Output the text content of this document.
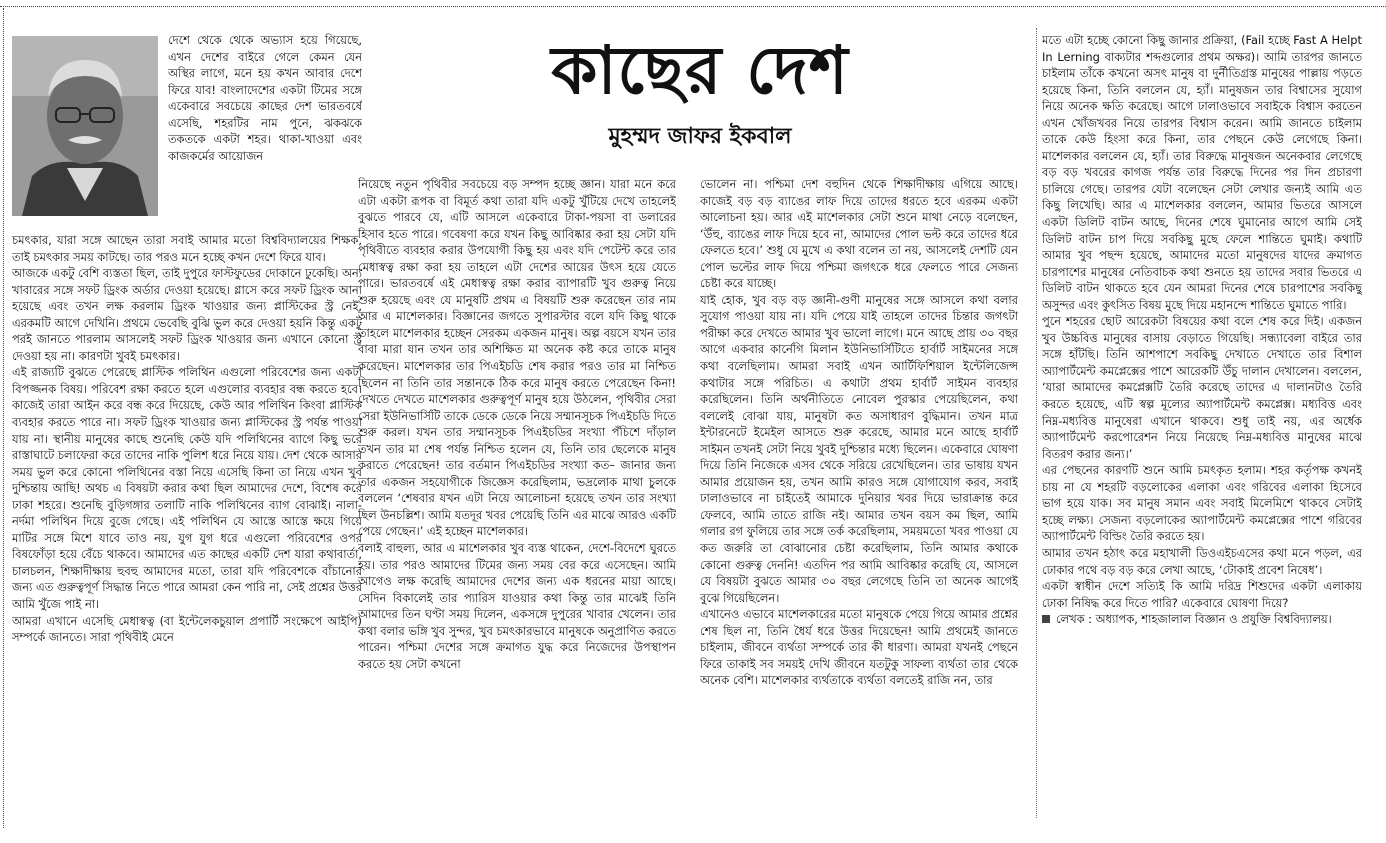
দেশে থেকে থেকে অভ্যাস হয়ে গিয়েছে, এখন দেশের বাইরে গেলে কেমন যেন অস্থির লাগে, মনে হয় কখন আবার দেশে ফিরে যাব! বাংলাদেশের একটা টিমের সঙ্গে একেবারে সবচেয়ে কাছের দেশ ভারতবর্ষে এসেছি, শহরটির নাম পুনে, ঝকঝকে তকতকে একটা শহর। থাকা-খাওয়া এবং কাজকর্মের আয়োজন

চমৎকার, যারা সঙ্গে আছেন তারা সবাই আমার মতো বিশ্ববিদ্যালয়ের শিক্ষক, তাই চমৎকার সময় কাটছে। তার পরও মনে হচ্ছে কখন দেশে ফিরে যাব।

আজকে একটু বেশি ব্যস্ততা ছিল, তাই দুপুরে ফাস্টফুডের দোকানে ঢুকেছি। অন্য খাবারের সঙ্গে সফট ড্রিংক অর্ডার দেওয়া হয়েছে। গ্লাসে করে সফট ড্রিংক আনা হয়েছে এবং তখন লক্ষ করলাম ড্রিংক খাওয়ার জন্য প্লাস্টিকের স্ট্র নেই, এরকমটি আগে দেখিনি। প্রথমে ভেবেছি বুঝি ভুল করে দেওয়া হয়নি কিন্তু একটু পরই জানতে পারলাম আসলেই সফট ড্রিংক খাওয়ার জন্য এখানে কোনো স্ট্র দেওয়া হয় না। কারণটা খুবই চমৎকার।

এই রাজ্যটি বুঝতে পেরেছে প্লাস্টিক পলিথিন এগুলো পরিবেশের জন্য একটা বিপজ্জনক বিষয়। পরিবেশ রক্ষা করতে হলে এগুলোর ব্যবহার বন্ধ করতে হবে। কাজেই তারা আইন করে বন্ধ করে দিয়েছে, কেউ আর পলিথিন কিংবা প্লাস্টিক ব্যবহার করতে পারে না। সফট ড্রিংক খাওয়ার জন্য প্লাস্টিকের স্ট্র পর্যন্ত পাওয়া যায় না। স্থানীয় মানুষের কাছে শুনেছি কেউ যদি পলিথিনের ব্যাগে কিছু ভরে রাস্তাঘাটে চলাফেরা করে তাদের নাকি পুলিশ ধরে নিয়ে যায়। দেশ থেকে আসার সময় ভুল করে কোনো পলিথিনের বস্তা নিয়ে এসেছি কিনা তা নিয়ে এখন খুব দুশ্চিন্তায় আছি! অথচ এ বিষয়টা করার কথা ছিল আমাদের দেশে, বিশেষ করে ঢাকা শহরে। শুনেছি বুড়িগঙ্গার তলাটি নাকি পলিথিনের ব্যাগ বোঝাই। নালা-নর্দমা পলিথিন দিয়ে বুজে গেছে। এই পলিথিন যে আস্তে আস্তে ক্ষয়ে গিয়ে মাটির সঙ্গে মিশে যাবে তাও নয়, যুগ যুগ ধরে এগুলো পরিবেশের ওপর বিষফোঁড়া হয়ে বেঁচে থাকবে। আমাদের এত কাছের একটি দেশ যারা কথাবার্তা, চালচলন, শিক্ষাদীক্ষায় হুবহু আমাদের মতো, তারা যদি পরিবেশকে বাঁচানোর জন্য এত গুরুত্বপূর্ণ সিদ্ধান্ত নিতে পারে আমরা কেন পারি না, সেই প্রশ্নের উত্তর আমি খুঁজে পাই না।

আমরা এখানে এসেছি মেধাস্বত্ব (বা ইন্টেলেকচুয়াল প্রপার্টি সংক্ষেপে আইপি) সম্পর্কে জানতে। সারা পৃথিবীই মেনে

কাছের দেশ
মুহম্মদ জাফর ইকবাল

নিয়েছে নতুন পৃথিবীর সবচেয়ে বড় সম্পদ হচ্ছে জ্ঞান। যারা মনে করে এটা একটা রূপক বা বিমূর্ত কথা তারা যদি একটু খুঁটিয়ে দেখে তাহলেই বুঝতে পারবে যে, এটি আসলে একেবারে টাকা-পয়সা বা ডলারের হিসাব হতে পারে। গবেষণা করে যখন কিছু আবিষ্কার করা হয় সেটা যদি পৃথিবীতে ব্যবহার করার উপযোগী কিছু হয় এবং যদি পেটেন্ট করে তার মেধাস্বত্ব রক্ষা করা হয় তাহলে এটা দেশের আয়ের উৎস হয়ে যেতে পারে। ভারতবর্ষে এই মেধাস্বত্ব রক্ষা করার ব্যাপারটি খুব গুরুত্ব নিয়ে শুরু হয়েছে এবং যে মানুষটি প্রথম এ বিষয়টি শুরু করেছেন তার নাম আর এ মাশেলকার। বিজ্ঞানের জগতে সুপারস্টার বলে যদি কিছু থাকে তাহলে মাশেলকার হচ্ছেন সেরকম একজন মানুষ। অল্প বয়সে যখন তার বাবা মারা যান তখন তার অশিক্ষিত মা অনেক কষ্ট করে তাকে মানুষ করেছেন। মাশেলকার তার পিএইচডি শেষ করার পরও তার মা নিশ্চিত ছিলেন না তিনি তার সন্তানকে ঠিক করে মানুষ করতে পেরেছেন কিনা! দেখতে দেখতে মাশেলকার গুরুত্বপূর্ণ মানুষ হয়ে উঠলেন, পৃথিবীর সেরা সেরা ইউনিভার্সিটি তাকে ডেকে ডেকে নিয়ে সম্মানসূচক পিএইচডি দিতে শুরু করল। যখন তার সম্মানসূচক পিএইচডির সংখ্যা পঁচিশে দাঁড়াল তখন তার মা শেষ পর্যন্ত নিশ্চিত হলেন যে, তিনি তার ছেলেকে মানুষ করাতে পেরেছেন! তার বর্তমান পিএইচডির সংখ্যা কত– জানার জন্য তার একজন সহযোগীকে জিজ্ঞেস করেছিলাম, ভদ্রলোক মাথা চুলকে বললেন ‘শেষবার যখন এটা নিয়ে আলোচনা হয়েছে তখন তার সংখ্যা ছিল উনচল্লিশ। আমি যতদূর খবর পেয়েছি তিনি এর মাঝে আরও একটি পেয়ে গেছেন।’ এই হচ্ছেন মাশেলকার।

বলাই বাহুল্য, আর এ মাশেলকার খুব ব্যস্ত থাকেন, দেশে-বিদেশে ঘুরতে হয়। তার পরও আমাদের টিমের জন্য সময় বের করে এসেছেন। আমি আগেও লক্ষ করেছি আমাদের দেশের জন্য এক ধরনের মায়া আছে। সেদিন বিকালেই তার প্যারিস যাওয়ার কথা কিন্তু তার মাঝেই তিনি আমাদের তিন ঘণ্টা সময় দিলেন, একসঙ্গে দুপুরের খাবার খেলেন। তার কথা বলার ভঙ্গি খুব সুন্দর, খুব চমৎকারভাবে মানুষকে অনুপ্রাণিত করতে পারেন। পশ্চিমা দেশের সঙ্গে ক্রমাগত যুদ্ধ করে নিজেদের উপস্থাপন করতে হয় সেটা কখনো

ভোলেন না। পশ্চিমা দেশ বহুদিন থেকে শিক্ষাদীক্ষায় এগিয়ে আছে। কাজেই বড় বড় ব্যাঙের লাফ দিয়ে তাদের ধরতে হবে এরকম একটা আলোচনা হয়। আর এই মাশেলকার সেটা শুনে মাথা নেড়ে বলেছেন, ‘উঁহু, ব্যাঙের লাফ দিয়ে হবে না, আমাদের পোল ভল্ট করে তাদের ধরে ফেলতে হবে।’ শুধু যে মুখে এ কথা বলেন তা নয়, আসলেই দেশটি যেন পোল ভল্টের লাফ দিয়ে পশ্চিমা জগৎকে ধরে ফেলতে পারে সেজন্য চেষ্টা করে যাচ্ছে।

যাই হোক, খুব বড় বড় জ্ঞানী-গুণী মানুষের সঙ্গে আসলে কথা বলার সুযোগ পাওয়া যায় না। যদি পেয়ে যাই তাহলে তাদের চিন্তার জগৎটা পরীক্ষা করে দেখতে আমার খুব ভালো লাগে। মনে আছে প্রায় ৩০ বছর আগে একবার কার্নেগি মিলান ইউনিভার্সিটিতে হার্বার্ট সাইমনের সঙ্গে কথা বলেছিলাম। আমরা সবাই এখন আর্টিফিশিয়াল ইন্টেলিজেন্স কথাটার সঙ্গে পরিচিত। এ কথাটা প্রথম হার্বার্ট সাইমন ব্যবহার করেছিলেন। তিনি অর্থনীতিতে নোবেল পুরস্কার পেয়েছিলেন, কথা বললেই বোঝা যায়, মানুষটা কত অসাধারণ বুদ্ধিমান। তখন মাত্র ইন্টারনেটে ইমেইল আসতে শুরু করেছে, আমার মনে আছে হার্বার্ট সাইমন তখনই সেটা নিয়ে খুবই দুশ্চিন্তার মধ্যে ছিলেন। একেবারে ঘোষণা দিয়ে তিনি নিজেকে এসব থেকে সরিয়ে রেখেছিলেন। তার ভাষায় যখন আমার প্রয়োজন হয়, তখন আমি কারও সঙ্গে যোগাযোগ করব, সবাই ঢালাওভাবে না চাইতেই আমাকে দুনিয়ার খবর দিয়ে ভারাক্রান্ত করে ফেলবে, আমি তাতে রাজি নই। আমার তখন বয়স কম ছিল, আমি গলার রগ ফুলিয়ে তার সঙ্গে তর্ক করেছিলাম, সময়মতো খবর পাওয়া যে কত জরুরি তা বোঝানোর চেষ্টা করেছিলাম, তিনি আমার কথাকে কোনো গুরুত্ব দেননি! এতদিন পর আমি আবিষ্কার করেছি যে, আসলে যে বিষয়টা বুঝতে আমার ৩০ বছর লেগেছে তিনি তা অনেক আগেই বুঝে গিয়েছিলেন।

এখানেও এভাবে মাশেলকারের মতো মানুষকে পেয়ে গিয়ে আমার প্রশ্নের শেষ ছিল না, তিনি ধৈর্য ধরে উত্তর দিয়েছেন! আমি প্রথমেই জানতে চাইলাম, জীবনে ব্যর্থতা সম্পর্কে তার কী ধারণা। আমরা যখনই পেছনে ফিরে তাকাই সব সময়ই দেখি জীবনে যতটুকু সাফল্য ব্যর্থতা তার থেকে অনেক বেশি। মাশেলকার ব্যর্থতাকে ব্যর্থতা বলতেই রাজি নন, তার

মতে এটা হচ্ছে কোনো কিছু জানার প্রক্রিয়া, (Fail হচ্ছে Fast A Helpt In Lerning বাক্যটার শব্দগুলোর প্রথম অক্ষর)। আমি তারপর জানতে চাইলাম তাঁকে কখনো অসৎ মানুষ বা দুর্নীতিগ্রস্ত মানুষের পাল্লায় পড়তে হয়েছে কিনা, তিনি বললেন যে, হ্যাঁ। মানুষজন তার বিশ্বাসের সুযোগ নিয়ে অনেক ক্ষতি করেছে। আগে ঢালাওভাবে সবাইকে বিশ্বাস করতেন এখন খোঁজখবর নিয়ে তারপর বিশ্বাস করেন। আমি জানতে চাইলাম তাকে কেউ হিংসা করে কিনা, তার পেছনে কেউ লেগেছে কিনা। মাশেলকার বললেন যে, হ্যাঁ। তার বিরুদ্ধে মানুষজন অনেকবার লেগেছে বড় বড় খবরের কাগজ পর্যন্ত তার বিরুদ্ধে দিনের পর দিন প্রচারণা চালিয়ে গেছে। তারপর যেটা বলেছেন সেটা লেখার জন্যই আমি এত কিছু লিখেছি। আর এ মাশেলকার বললেন, আমার ভিতরে আসলে একটা ডিলিট বাটন আছে, দিনের শেষে ঘুমানোর আগে আমি সেই ডিলিট বাটন চাপ দিয়ে সবকিছু মুছে ফেলে শান্তিতে ঘুমাই। কথাটি আমার খুব পছন্দ হয়েছে, আমাদের মতো মানুষদের যাদের ক্রমাগত চারপাশের মানুষের নেতিবাচক কথা শুনতে হয় তাদের সবার ভিতরে এ ডিলিট বাটন থাকতে হবে যেন আমরা দিনের শেষে চারপাশের সবকিছু অসুন্দর এবং কুৎসিত বিষয় মুছে দিয়ে মহানন্দে শান্তিতে ঘুমাতে পারি।

পুনে শহরের ছোট আরেকটা বিষয়ের কথা বলে শেষ করে দিই। একজন খুব উচ্চবিত্ত মানুষের বাসায় বেড়াতে গিয়েছি। সন্ধ্যাবেলা বাইরে তার সঙ্গে হাঁটছি। তিনি আশপাশে সবকিছু দেখাতে দেখাতে তার বিশাল অ্যাপার্টমেন্ট কমপ্লেক্সের পাশে আরেকটি উঁচু দালান দেখালেন। বললেন, ‘যারা আমাদের কমপ্লেক্সটি তৈরি করেছে তাদের এ দালানটাও তৈরি করতে হয়েছে, এটি স্বল্প মূল্যের অ্যাপার্টমেন্ট কমপ্লেক্স। মধ্যবিত্ত এবং নিম্ন-মধ্যবিত্ত মানুষেরা এখানে থাকবে। শুধু তাই নয়, এর অর্ধেক অ্যাপার্টমেন্ট করপোরেশন নিয়ে নিয়েছে নিম্ন-মধ্যবিত্ত মানুষের মাঝে বিতরণ করার জন্য।’

এর পেছনের কারণটি শুনে আমি চমৎকৃত হলাম। শহর কর্তৃপক্ষ কখনই চায় না যে শহরটি বড়লোকের এলাকা এবং গরিবের এলাকা হিসেবে ভাগ হয়ে যাক। সব মানুষ সমান এবং সবাই মিলেমিশে থাকবে সেটাই হচ্ছে লক্ষ্য। সেজন্য বড়লোকের অ্যাপার্টমেন্ট কমপ্লেক্সের পাশে গরিবের অ্যাপার্টমেন্ট বিল্ডিং তৈরি করতে হয়।

আমার তখন হঠাৎ করে মহাখালী ডিওএইচএসের কথা মনে পড়ল, এর ঢোকার পথে বড় বড় করে লেখা আছে, ‘টোকাই প্রবেশ নিষেধ’।

একটা স্বাধীন দেশে সত্যিই কি আমি দরিদ্র শিশুদের একটা এলাকায় ঢোকা নিষিদ্ধ করে দিতে পারি? একেবারে ঘোষণা দিয়ে?

লেখক : অধ্যাপক, শাহজালাল বিজ্ঞান ও প্রযুক্তি বিশ্ববিদ্যালয়।
